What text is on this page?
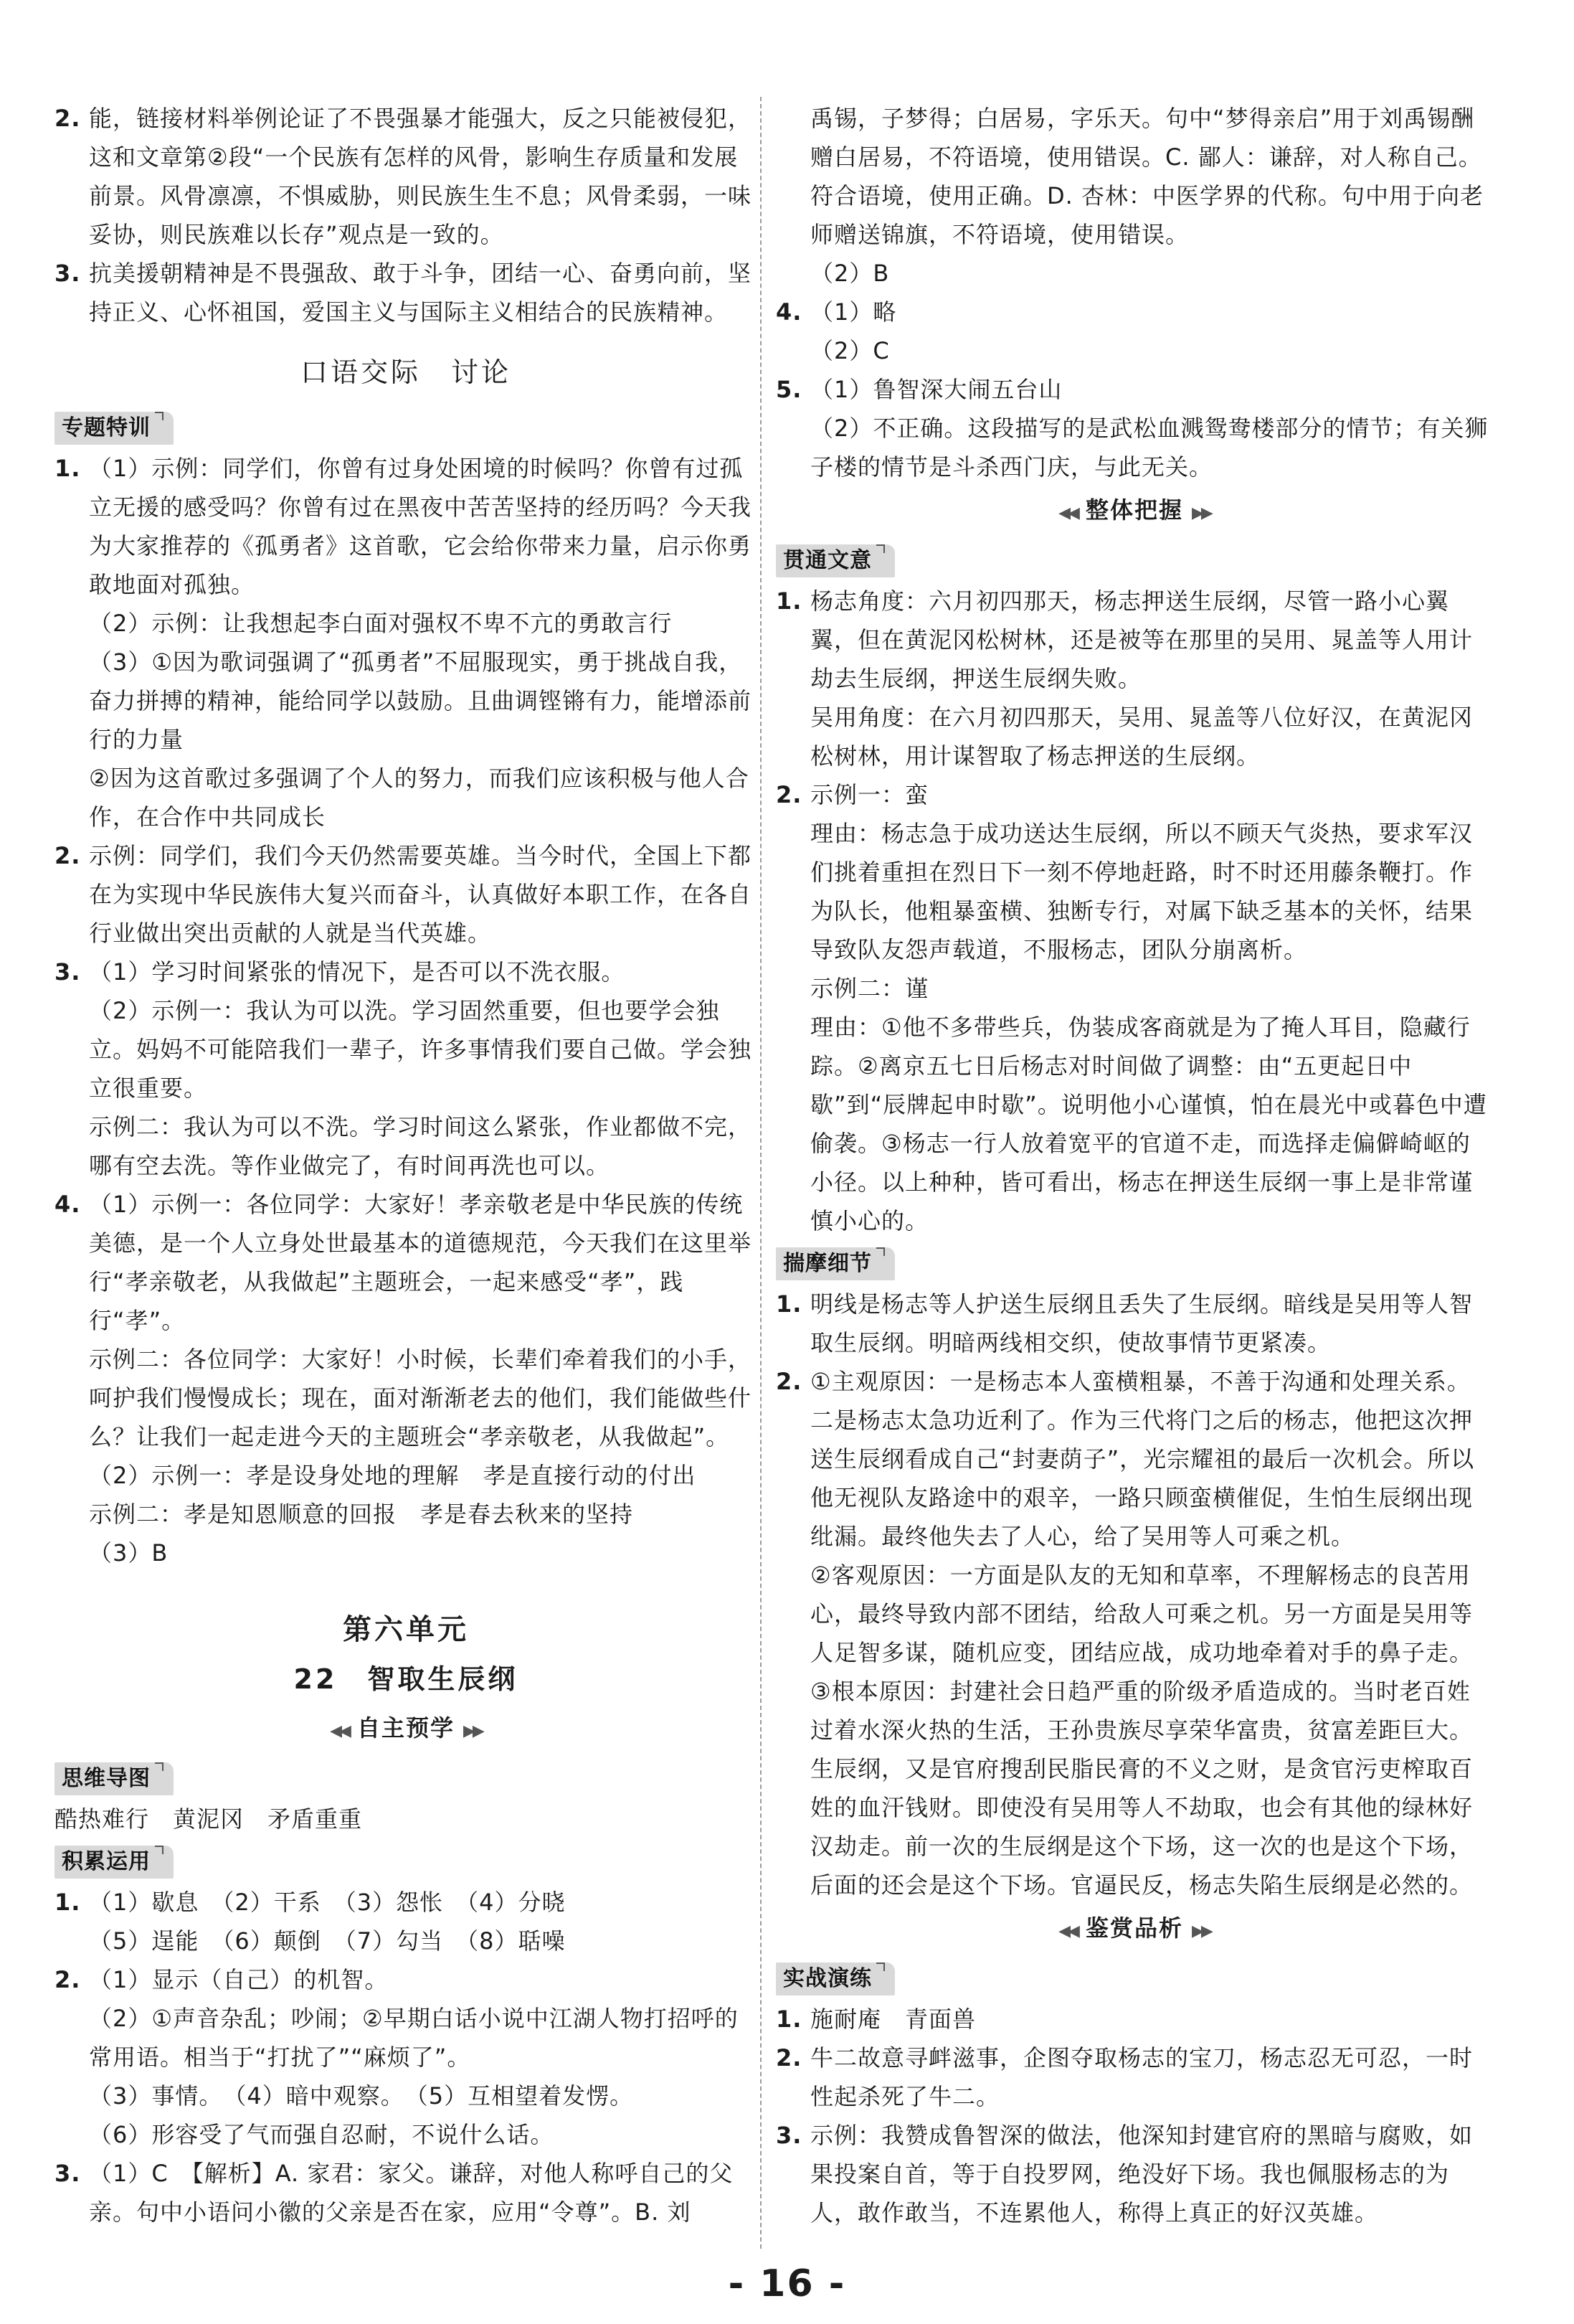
2. 能，链接材料举例论证了不畏强暴才能强大，反之只能被侵犯，这和文章第②段“一个民族有怎样的风骨，影响生存质量和发展前景。风骨凛凛，不惧威胁，则民族生生不息；风骨柔弱，一味妥协，则民族难以长存”观点是一致的。

3. 抗美援朝精神是不畏强敌、敢于斗争，团结一心、奋勇向前，坚持正义、心怀祖国，爱国主义与国际主义相结合的民族精神。

口语交际　讨论
专题特训
1. （1）示例：同学们，你曾有过身处困境的时候吗？你曾有过孤立无援的感受吗？你曾有过在黑夜中苦苦坚持的经历吗？今天我为大家推荐的《孤勇者》这首歌，它会给你带来力量，启示你勇敢地面对孤独。

（2）示例：让我想起李白面对强权不卑不亢的勇敢言行

（3）①因为歌词强调了“孤勇者”不屈服现实，勇于挑战自我，奋力拼搏的精神，能给同学以鼓励。且曲调铿锵有力，能增添前行的力量

②因为这首歌过多强调了个人的努力，而我们应该积极与他人合作，在合作中共同成长

2. 示例：同学们，我们今天仍然需要英雄。当今时代，全国上下都在为实现中华民族伟大复兴而奋斗，认真做好本职工作，在各自行业做出突出贡献的人就是当代英雄。

3. （1）学习时间紧张的情况下，是否可以不洗衣服。

（2）示例一：我认为可以洗。学习固然重要，但也要学会独立。妈妈不可能陪我们一辈子，许多事情我们要自己做。学会独立很重要。

示例二：我认为可以不洗。学习时间这么紧张，作业都做不完，哪有空去洗。等作业做完了，有时间再洗也可以。

4. （1）示例一：各位同学：大家好！孝亲敬老是中华民族的传统美德，是一个人立身处世最基本的道德规范，今天我们在这里举行“孝亲敬老，从我做起”主题班会，一起来感受“孝”，践行“孝”。

示例二：各位同学：大家好！小时候，长辈们牵着我们的小手，呵护我们慢慢成长；现在，面对渐渐老去的他们，我们能做些什么？让我们一起走进今天的主题班会“孝亲敬老，从我做起”。

（2）示例一：孝是设身处地的理解　孝是直接行动的付出

示例二：孝是知恩顺意的回报　孝是春去秋来的坚持

（3）B

第六单元
22　智取生辰纲
◀◀ 自主预学 ▶▶
思维导图

酷热难行　黄泥冈　矛盾重重

积累运用
1. （1）歇息　（2）干系　（3）怨怅　（4）分晓

（5）逞能　（6）颠倒　（7）勾当　（8）聒噪

2. （1）显示（自己）的机智。

（2）①声音杂乱；吵闹；②早期白话小说中江湖人物打招呼的常用语。相当于“打扰了”“麻烦了”。

（3）事情。　（4）暗中观察。　（5）互相望着发愣。

（6）形容受了气而强自忍耐，不说什么话。

3. （1）C　【解析】A. 家君：家父。谦辞，对他人称呼自己的父亲。句中小语问小徽的父亲是否在家，应用“令尊”。B. 刘

禹锡，子梦得；白居易，字乐天。句中“梦得亲启”用于刘禹锡酬赠白居易，不符语境，使用错误。C. 鄙人：谦辞，对人称自己。符合语境，使用正确。D. 杏林：中医学界的代称。句中用于向老师赠送锦旗，不符语境，使用错误。

（2）B

4. （1）略

（2）C

5. （1）鲁智深大闹五台山

（2）不正确。这段描写的是武松血溅鸳鸯楼部分的情节；有关狮子楼的情节是斗杀西门庆，与此无关。

◀◀ 整体把握 ▶▶
贯通文意
1. 杨志角度：六月初四那天，杨志押送生辰纲，尽管一路小心翼翼，但在黄泥冈松树林，还是被等在那里的吴用、晁盖等人用计劫去生辰纲，押送生辰纲失败。

吴用角度：在六月初四那天，吴用、晁盖等八位好汉，在黄泥冈松树林，用计谋智取了杨志押送的生辰纲。

2. 示例一：蛮

理由：杨志急于成功送达生辰纲，所以不顾天气炎热，要求军汉们挑着重担在烈日下一刻不停地赶路，时不时还用藤条鞭打。作为队长，他粗暴蛮横、独断专行，对属下缺乏基本的关怀，结果导致队友怨声载道，不服杨志，团队分崩离析。

示例二：谨

理由：①他不多带些兵，伪装成客商就是为了掩人耳目，隐藏行踪。②离京五七日后杨志对时间做了调整：由“五更起日中歇”到“辰牌起申时歇”。说明他小心谨慎，怕在晨光中或暮色中遭偷袭。③杨志一行人放着宽平的官道不走，而选择走偏僻崎岖的小径。以上种种，皆可看出，杨志在押送生辰纲一事上是非常谨慎小心的。

揣摩细节
1. 明线是杨志等人护送生辰纲且丢失了生辰纲。暗线是吴用等人智取生辰纲。明暗两线相交织，使故事情节更紧凑。

2. ①主观原因：一是杨志本人蛮横粗暴，不善于沟通和处理关系。二是杨志太急功近利了。作为三代将门之后的杨志，他把这次押送生辰纲看成自己“封妻荫子”，光宗耀祖的最后一次机会。所以他无视队友路途中的艰辛，一路只顾蛮横催促，生怕生辰纲出现纰漏。最终他失去了人心，给了吴用等人可乘之机。

②客观原因：一方面是队友的无知和草率，不理解杨志的良苦用心，最终导致内部不团结，给敌人可乘之机。另一方面是吴用等人足智多谋，随机应变，团结应战，成功地牵着对手的鼻子走。

③根本原因：封建社会日趋严重的阶级矛盾造成的。当时老百姓过着水深火热的生活，王孙贵族尽享荣华富贵，贫富差距巨大。生辰纲，又是官府搜刮民脂民膏的不义之财，是贪官污吏榨取百姓的血汗钱财。即使没有吴用等人不劫取，也会有其他的绿林好汉劫走。前一次的生辰纲是这个下场，这一次的也是这个下场，后面的还会是这个下场。官逼民反，杨志失陷生辰纲是必然的。

◀◀ 鉴赏品析 ▶▶
实战演练
1. 施耐庵　青面兽

2. 牛二故意寻衅滋事，企图夺取杨志的宝刀，杨志忍无可忍，一时性起杀死了牛二。

3. 示例：我赞成鲁智深的做法，他深知封建官府的黑暗与腐败，如果投案自首，等于自投罗网，绝没好下场。我也佩服杨志的为人，敢作敢当，不连累他人，称得上真正的好汉英雄。

- 16 -
